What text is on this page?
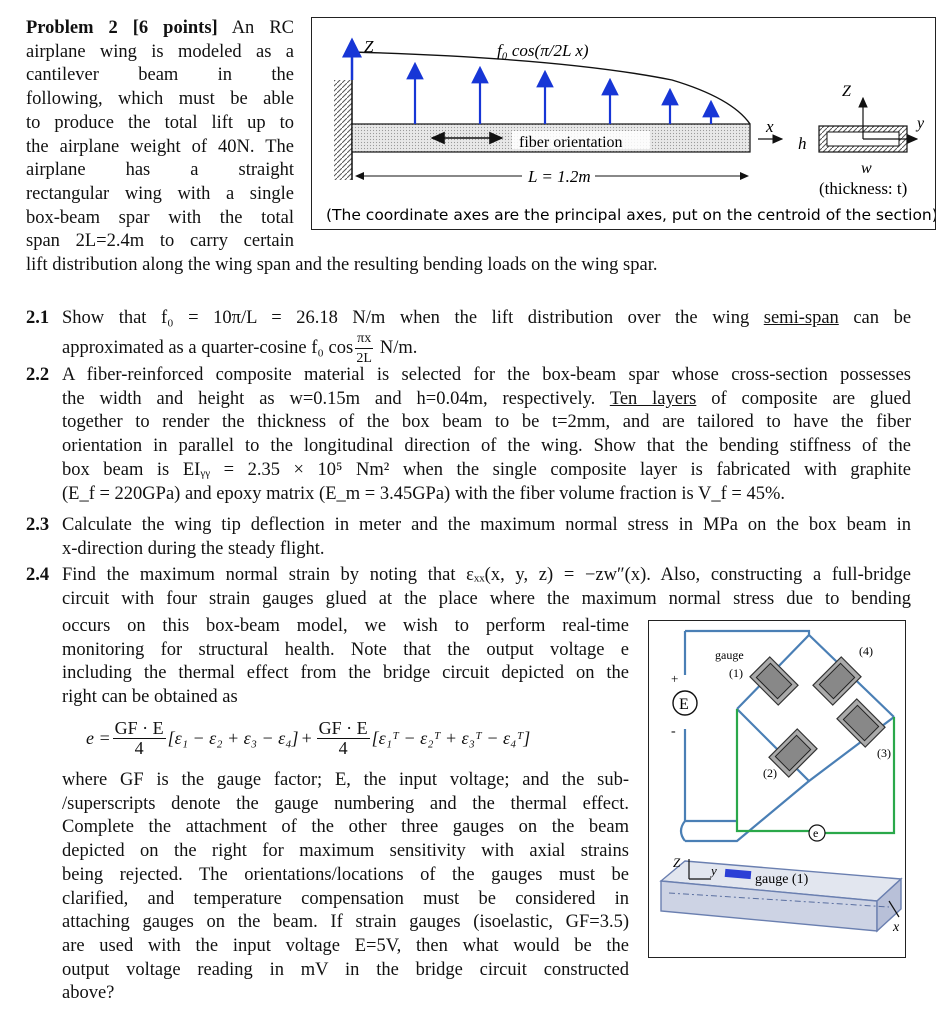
Problem 2 [6 points] An RC
airplane wing is modeled as a
cantilever beam in the
following, which must be able
to produce the total lift up to
the airplane weight of 40N. The
airplane has a straight
rectangular wing with a single
box-beam spar with the total
span 2L=2.4m to carry certain
lift distribution along the wing span and the resulting bending loads on the wing spar.
Z	f₀ cos(π/2L x)
fiber orientation
L = 1.2m
x
h
Z
y
w
(thickness: t)
(The coordinate axes are the principal axes, put on the centroid of the section)
2.1 Show that f₀ = 10π/L = 26.18 N/m when the lift distribution over the wing semi-span can be
approximated as a quarter-cosine f₀ $\cos \frac{\pi x}{2L} N/m$.
2.2 A fiber-reinforced composite material is selected for the box-beam spar whose cross-section possesses
the width and height as w=0.15m and h=0.04m, respectively. Ten layers of composite are glued
together to render the thickness of the box beam to be t=2mm, and are tailored to have the fiber
orientation in parallel to the longitudinal direction of the wing. Show that the bending stiffness of the
box beam is EIᵧᵧ = 2.35 × 10⁵ Nm² when the single composite layer is fabricated with graphite
(E_f = 220GPa) and epoxy matrix (E_m = 3.45GPa) with the fiber volume fraction is V_f = 45%.
2.3 Calculate the wing tip deflection in meter and the maximum normal stress in MPa on the box beam in
x-direction during the steady flight.
2.4 Find the maximum normal strain by noting that εₓₓ(x, y, z) = −zw″(x). Also, constructing a full-bridge
circuit with four strain gauges glued at the place where the maximum normal stress due to bending
occurs on this box-beam model, we wish to perform real-time
monitoring for structural health. Note that the output voltage e
including the thermal effect from the bridge circuit depicted on the
right can be obtained as
$e = \frac{GF \cdot E}{4} [\varepsilon_1 - \varepsilon_2 + \varepsilon_3 - \varepsilon_4] + \frac{GF \cdot E}{4}$ [ε₁ᵀ − ε₂ᵀ + ε₃ᵀ − ε₄ᵀ]
where GF is the gauge factor; E, the input voltage; and the sub-
/superscripts denote the gauge numbering and the thermal effect.
Complete the attachment of the other three gauges on the beam
depicted on the right for maximum sensitivity with axial strains
being rejected. The orientations/locations of the gauges must be
clarified, and temperature compensation must be considered in
attaching gauges on the beam. If strain gauges (isoelastic, GF=3.5)
are used with the input voltage E=5V, then what would be the
output voltage reading in mV in the bridge circuit constructed
above?
E
+
-
e
gauge
(1)
(4)
(3)
(2)
Z
y
x
gauge (1)
